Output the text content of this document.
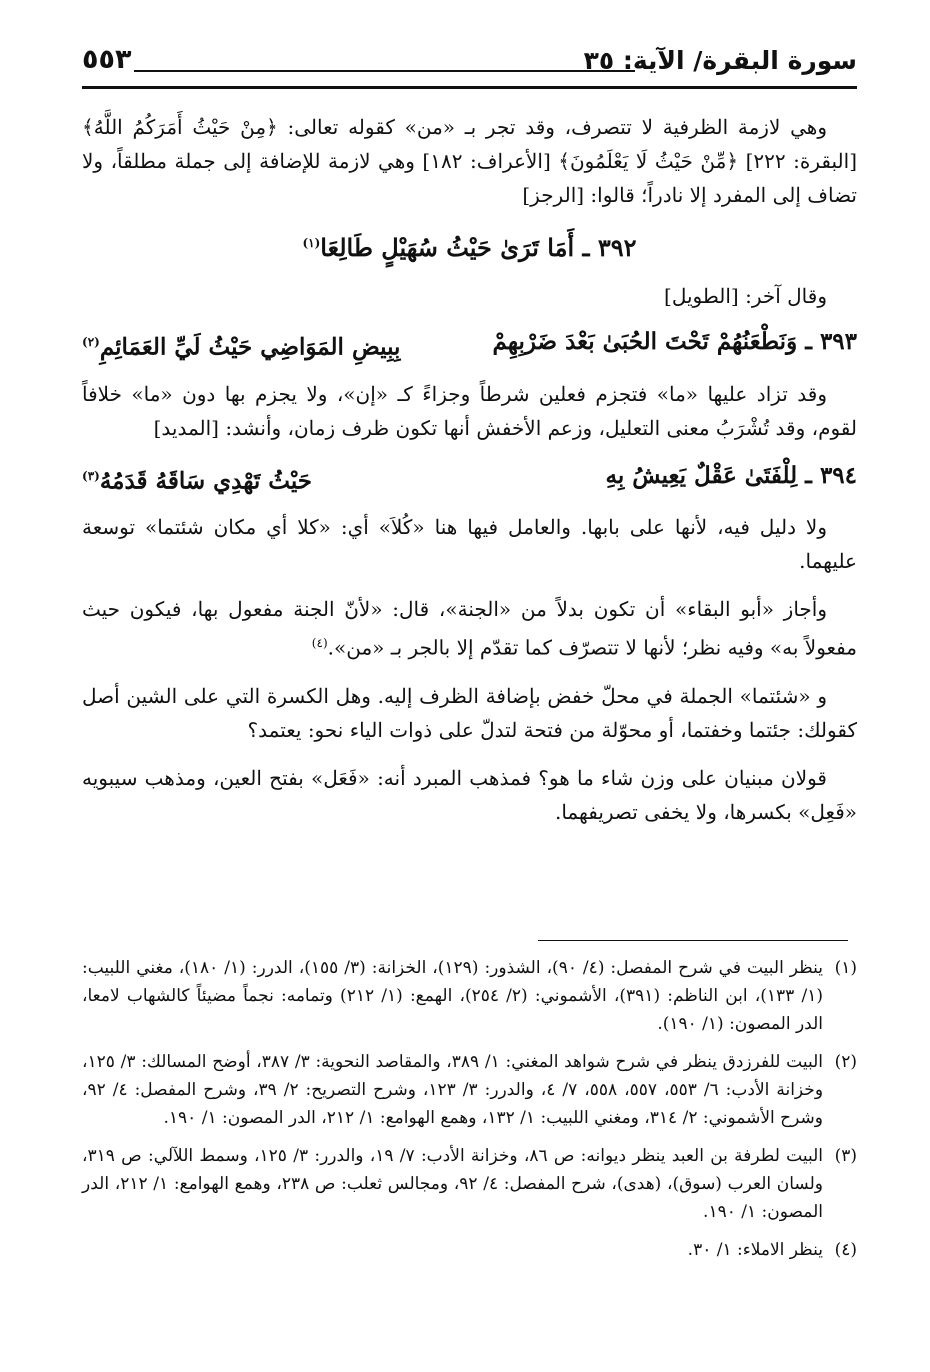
سورة البقرة/ الآية: ٣٥
٥٥٣

وهي لازمة الظرفية لا تتصرف، وقد تجر بـ «من» كقوله تعالى: ﴿مِنْ حَيْثُ أَمَرَكُمُ اللَّهُ﴾ [البقرة: ٢٢٢] ﴿مِّنْ حَيْثُ لَا يَعْلَمُونَ﴾ [الأعراف: ١٨٢] وهي لازمة للإضافة إلى جملة مطلقاً، ولا تضاف إلى المفرد إلا نادراً؛ قالوا: [الرجز]

٣٩٢ ـ أَمَا تَرَىٰ حَيْثُ سُهَيْلٍ طَالِعَا$^{(١)}$
وقال آخر: [الطويل]
٣٩٣ ـ وَنَطْعَنُهُمْ تَحْتَ الحُبَىٰ بَعْدَ ضَرْبِهِمْ
بِبِيضِ المَوَاضِي حَيْثُ لَيِّ العَمَائِمِ$^{(٢)}$

وقد تزاد عليها «ما» فتجزم فعلين شرطاً وجزاءً كـ «إن»، ولا يجزم بها دون «ما» خلافاً لقوم، وقد تُشْرَبُ معنى التعليل، وزعم الأخفش أنها تكون ظرف زمان، وأنشد: [المديد]

٣٩٤ ـ لِلْفَتَىٰ عَقْلٌ يَعِيشُ بِهِ
حَيْثُ تَهْدِي سَاقَهُ قَدَمُهُ$^{(٣)}$

ولا دليل فيه، لأنها على بابها. والعامل فيها هنا «كُلاَ» أي: «كلا أي مكان شئتما» توسعة عليهما.

وأجاز «أبو البقاء» أن تكون بدلاً من «الجنة»، قال: «لأنّ الجنة مفعول بها، فيكون حيث مفعولاً به» وفيه نظر؛ لأنها لا تتصرّف كما تقدّم إلا بالجر بـ «من».$^{(٤)}$

و «شئتما» الجملة في محلّ خفض بإضافة الظرف إليه. وهل الكسرة التي على الشين أصل كقولك: جئتما وخفتما، أو محوّلة من فتحة لتدلّ على ذوات الياء نحو: يعتمد؟

قولان مبنيان على وزن شاء ما هو؟ فمذهب المبرد أنه: «فَعَل» بفتح العين، ومذهب سيبويه «فَعِل» بكسرها، ولا يخفى تصريفهما.

(١)
ينظر البيت في شرح المفصل: (٤/ ٩٠)، الشذور: (١٢٩)، الخزانة: (٣/ ١٥٥)، الدرر: (١/ ١٨٠)، مغني اللبيب: (١/ ١٣٣)، ابن الناظم: (٣٩١)، الأشموني: (٢/ ٢٥٤)، الهمع: (١/ ٢١٢) وتمامه: نجماً مضيئاً كالشهاب لامعا، الدر المصون: (١/ ١٩٠).
(٢)
البيت للفرزدق ينظر في شرح شواهد المغني: ١/ ٣٨٩، والمقاصد النحوية: ٣/ ٣٨٧، أوضح المسالك: ٣/ ١٢٥، وخزانة الأدب: ٦/ ٥٥٣، ٥٥٧، ٥٥٨، ٧/ ٤، والدرر: ٣/ ١٢٣، وشرح التصريح: ٢/ ٣٩، وشرح المفصل: ٤/ ٩٢، وشرح الأشموني: ٢/ ٣١٤، ومغني اللبيب: ١/ ١٣٢، وهمع الهوامع: ١/ ٢١٢، الدر المصون: ١/ ١٩٠.
(٣)
البيت لطرفة بن العبد ينظر ديوانه: ص ٨٦، وخزانة الأدب: ٧/ ١٩، والدرر: ٣/ ١٢٥، وسمط اللآلي: ص ٣١٩، ولسان العرب (سوق)، (هدى)، شرح المفصل: ٤/ ٩٢، ومجالس ثعلب: ص ٢٣٨، وهمع الهوامع: ١/ ٢١٢، الدر المصون: ١/ ١٩٠.
(٤)
ينظر الاملاء: ١/ ٣٠.
